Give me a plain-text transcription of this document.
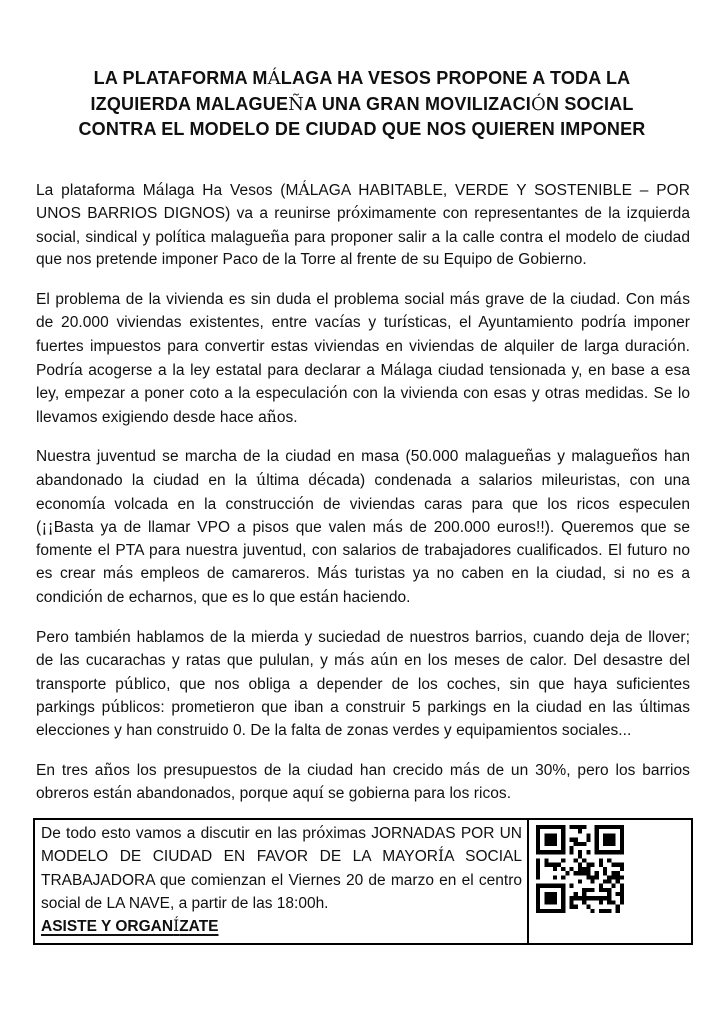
LA PLATAFORMA MÁLAGA HA VESOS PROPONE A TODA LA
IZQUIERDA MALAGUEÑA UNA GRAN MOVILIZACIÓN SOCIAL
CONTRA EL MODELO DE CIUDAD QUE NOS QUIEREN IMPONER

La plataforma Málaga Ha Vesos (MÁLAGA HABITABLE, VERDE Y SOSTENIBLE – POR UNOS BARRIOS DIGNOS) va a reunirse próximamente con representantes de la izquierda social, sindical y política malagueña para proponer salir a la calle contra el modelo de ciudad que nos pretende imponer Paco de la Torre al frente de su Equipo de Gobierno.

El problema de la vivienda es sin duda el problema social más grave de la ciudad. Con más de 20.000 viviendas existentes, entre vacías y turísticas, el Ayuntamiento podría imponer fuertes impuestos para convertir estas viviendas en viviendas de alquiler de larga duración. Podría acogerse a la ley estatal para declarar a Málaga ciudad tensionada y, en base a esa ley, empezar a poner coto a la especulación con la vivienda con esas y otras medidas. Se lo llevamos exigiendo desde hace años.

Nuestra juventud se marcha de la ciudad en masa (50.000 malagueñas y malagueños han abandonado la ciudad en la última década) condenada a salarios mileuristas, con una economía volcada en la construcción de viviendas caras para que los ricos especulen (¡¡Basta ya de llamar VPO a pisos que valen más de 200.000 euros!!). Queremos que se fomente el PTA para nuestra juventud, con salarios de trabajadores cualificados. El futuro no es crear más empleos de camareros. Más turistas ya no caben en la ciudad, si no es a condición de echarnos, que es lo que están haciendo.

Pero también hablamos de la mierda y suciedad de nuestros barrios, cuando deja de llover; de las cucarachas y ratas que pululan, y más aún en los meses de calor. Del desastre del transporte público, que nos obliga a depender de los coches, sin que haya suficientes parkings públicos: prometieron que iban a construir 5 parkings en la ciudad en las últimas elecciones y han construido 0. De la falta de zonas verdes y equipamientos sociales...

En tres años los presupuestos de la ciudad han crecido más de un 30%, pero los barrios obreros están abandonados, porque aquí se gobierna para los ricos.

De todo esto vamos a discutir en las próximas JORNADAS POR UN MODELO DE CIUDAD EN FAVOR DE LA MAYORÍA SOCIAL TRABAJADORA que comienzan el Viernes 20 de marzo en el centro social de LA NAVE, a partir de las 18:00h.
ASISTE Y ORGANÍZATE
